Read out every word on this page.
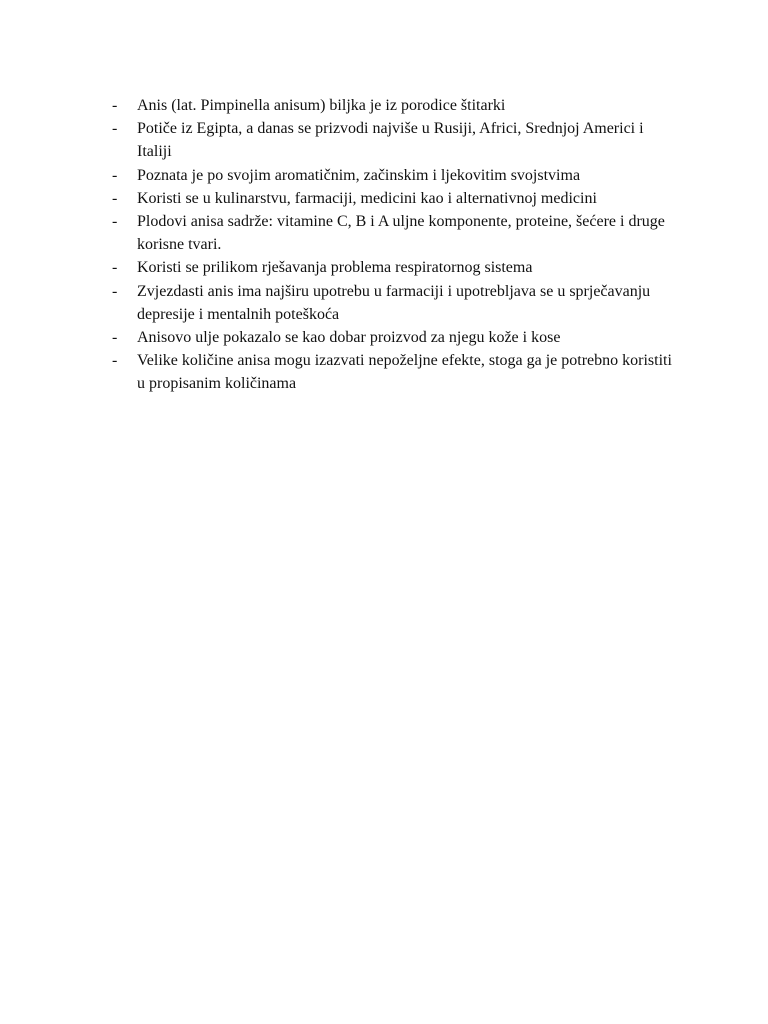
-	Anis (lat. Pimpinella anisum) biljka je iz porodice štitarki
-	Potiče iz Egipta, a danas se prizvodi najviše u Rusiji, Africi, Srednjoj Americi i Italiji
-	Poznata je po svojim aromatičnim, začinskim i ljekovitim svojstvima
-	Koristi se u kulinarstvu, farmaciji, medicini kao i alternativnoj medicini
-	Plodovi anisa sadrže: vitamine C, B i A uljne komponente, proteine, šećere i druge korisne tvari.
-	Koristi se prilikom rješavanja problema respiratornog sistema
-	Zvjezdasti anis ima najširu upotrebu u farmaciji i upotrebljava se u sprječavanju depresije i mentalnih poteškoća
-	Anisovo ulje pokazalo se kao dobar proizvod za njegu kože i kose
-	Velike količine anisa mogu izazvati nepoželjne efekte, stoga ga je potrebno koristiti u propisanim količinama
